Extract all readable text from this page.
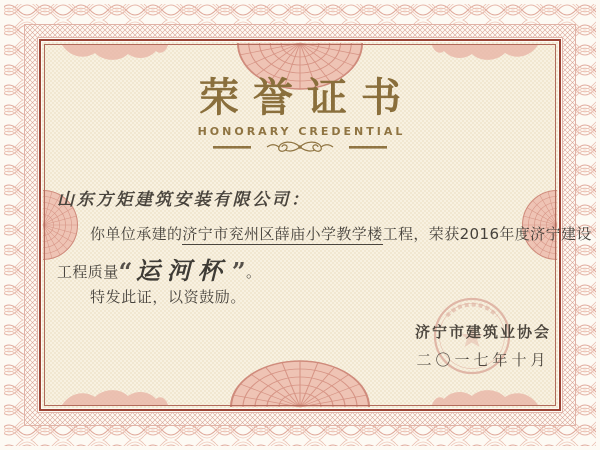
荣誉证书
HONORARY CREDENTIAL
山东方矩建筑安装有限公司：
你单位承建的济宁市兖州区薛庙小学教学楼工程，荣获2016年度济宁建设
工程质量“ 运河杯 ”。
特发此证，以资鼓励。
济宁市建筑业协会
二〇一七年十月
